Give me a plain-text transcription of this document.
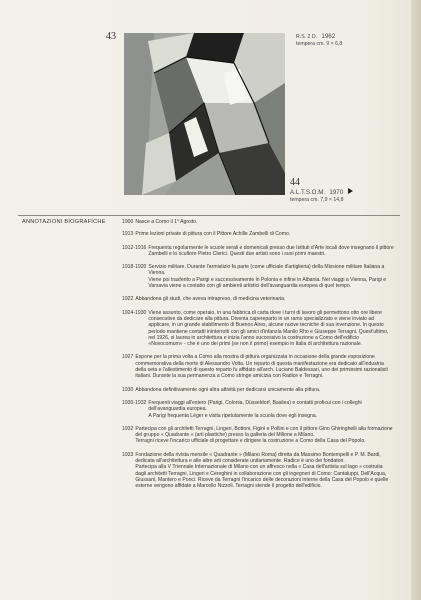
43	R.S. 2 D. 1962
tempera cm. 9 × 6,8
44
A.L.T.S.O.M. 1970
tempera cm. 7,9 × 14,8
ANNOTAZIONI BIOGRAFICHE	1900 Nasce a Como il 1° Agosto.

1913 Prime lezioni private di pittura con il Pittore Achille Zambelli di Como.

1912-1916 Frequenta regolarmente le scuole serali e domenicali presso due Istituti d'Arte locali dove insegnano il pittore Zambelli e lo scultore Pietro Clerici. Questi due artisti sono i suoi primi maestri.

1918-1920 Servizio militare. Durante l'armistizio fa parte (come ufficiale d'artiglieria) della Missione militare Italiana a Vienna.

Viene poi trasferito a Parigi e successivamente in Polonia e infine in Albania. Nei viaggi a Vienna, Parigi e Varsavia viene a contatto con gli ambienti artistici dell'avanguardia europea di quel tempo.

1922 Abbandona gli studi, che aveva intrapreso, di medicina veterinaria.

1924-1930 Viene assunto, come operaio, in una fabbrica di carta dove i turni di lavoro gli permettono otto ore libere consecutive da dedicare alla pittura. Diventa capereparto in un ramo specializzato e viene inviato ad applicare, in un grande stabilimento di Buenos Aires, alcune nuove tecniche di sua invenzione. In questo periodo mantiene contatti ininterrotti con gli amici d'infanzia Manlio Rho e Giuseppe Terragni. Quest'ultimo, nel 1926, si laurea in architettura e inizia l'anno successivo la costruzione a Como dell'edificio «Novocomum» - che è uno dei primi (se non il primo) esempio in Italia di architettura razionale.

1927 Espone per la prima volta a Como alla mostra di pittura organizzata in occasione della grande esposizione commemorativa della morte di Alessandro Volta. Un reparto di questa manifestazione era dedicato all'industria della seta e l'allestimento di questo reparto fu affidato all'arch. Luciano Baldessari, uno dei primissimi razionalisti italiani. Durante la sua permanenza a Como stringe amicizia con Radice e Terragni.

1930 Abbandona definitivamente ogni altra attività per dedicarsi unicamente alla pittura.

1930-1932 Frequenti viaggi all'estero (Parigi, Colonia, Düsseldorf, Basilea) e contatti proficui con i colleghi dell'avanguardia europea.

A Parigi frequenta Léger e visita ripetutamente la scuola dove egli insegna.

1932 Partecipa con gli architetti Terragni, Lingeri, Bottoni, Figini e Pollini e con il pittore Gino Ghiringhelli alla formazione del gruppo « Quadrante » (arti plastiche) presso la galleria del Milione a Milano.

Terragni riceve l'incarico ufficiale di progettare e dirigere la costruzione a Como della Casa del Popolo.

1933 Fondazione della rivista mensile « Quadrante » (Milano Roma) diretta da Massimo Bontempelli e P. M. Bardi, dedicata all'architettura e alle altre arti considerate unitariamente. Radice è uno dei fondatori.

Partecipa alla V Triennale Internazionale di Milano con un affresco nella « Casa dell'artista sul lago » costruita dagli architetti Terragni, Lingeri e Cereghini in collaborazione con gli ingegneri di Como: Cantaluppi, Dell'Acqua, Giussani, Mantero e Ponci. Riceve da Terragni l'incarico delle decorazioni interne della Casa del Popolo e quelle esterne vengono affidate a Marcello Nizzoli. Terragni stende il progetto dell'edificio.
